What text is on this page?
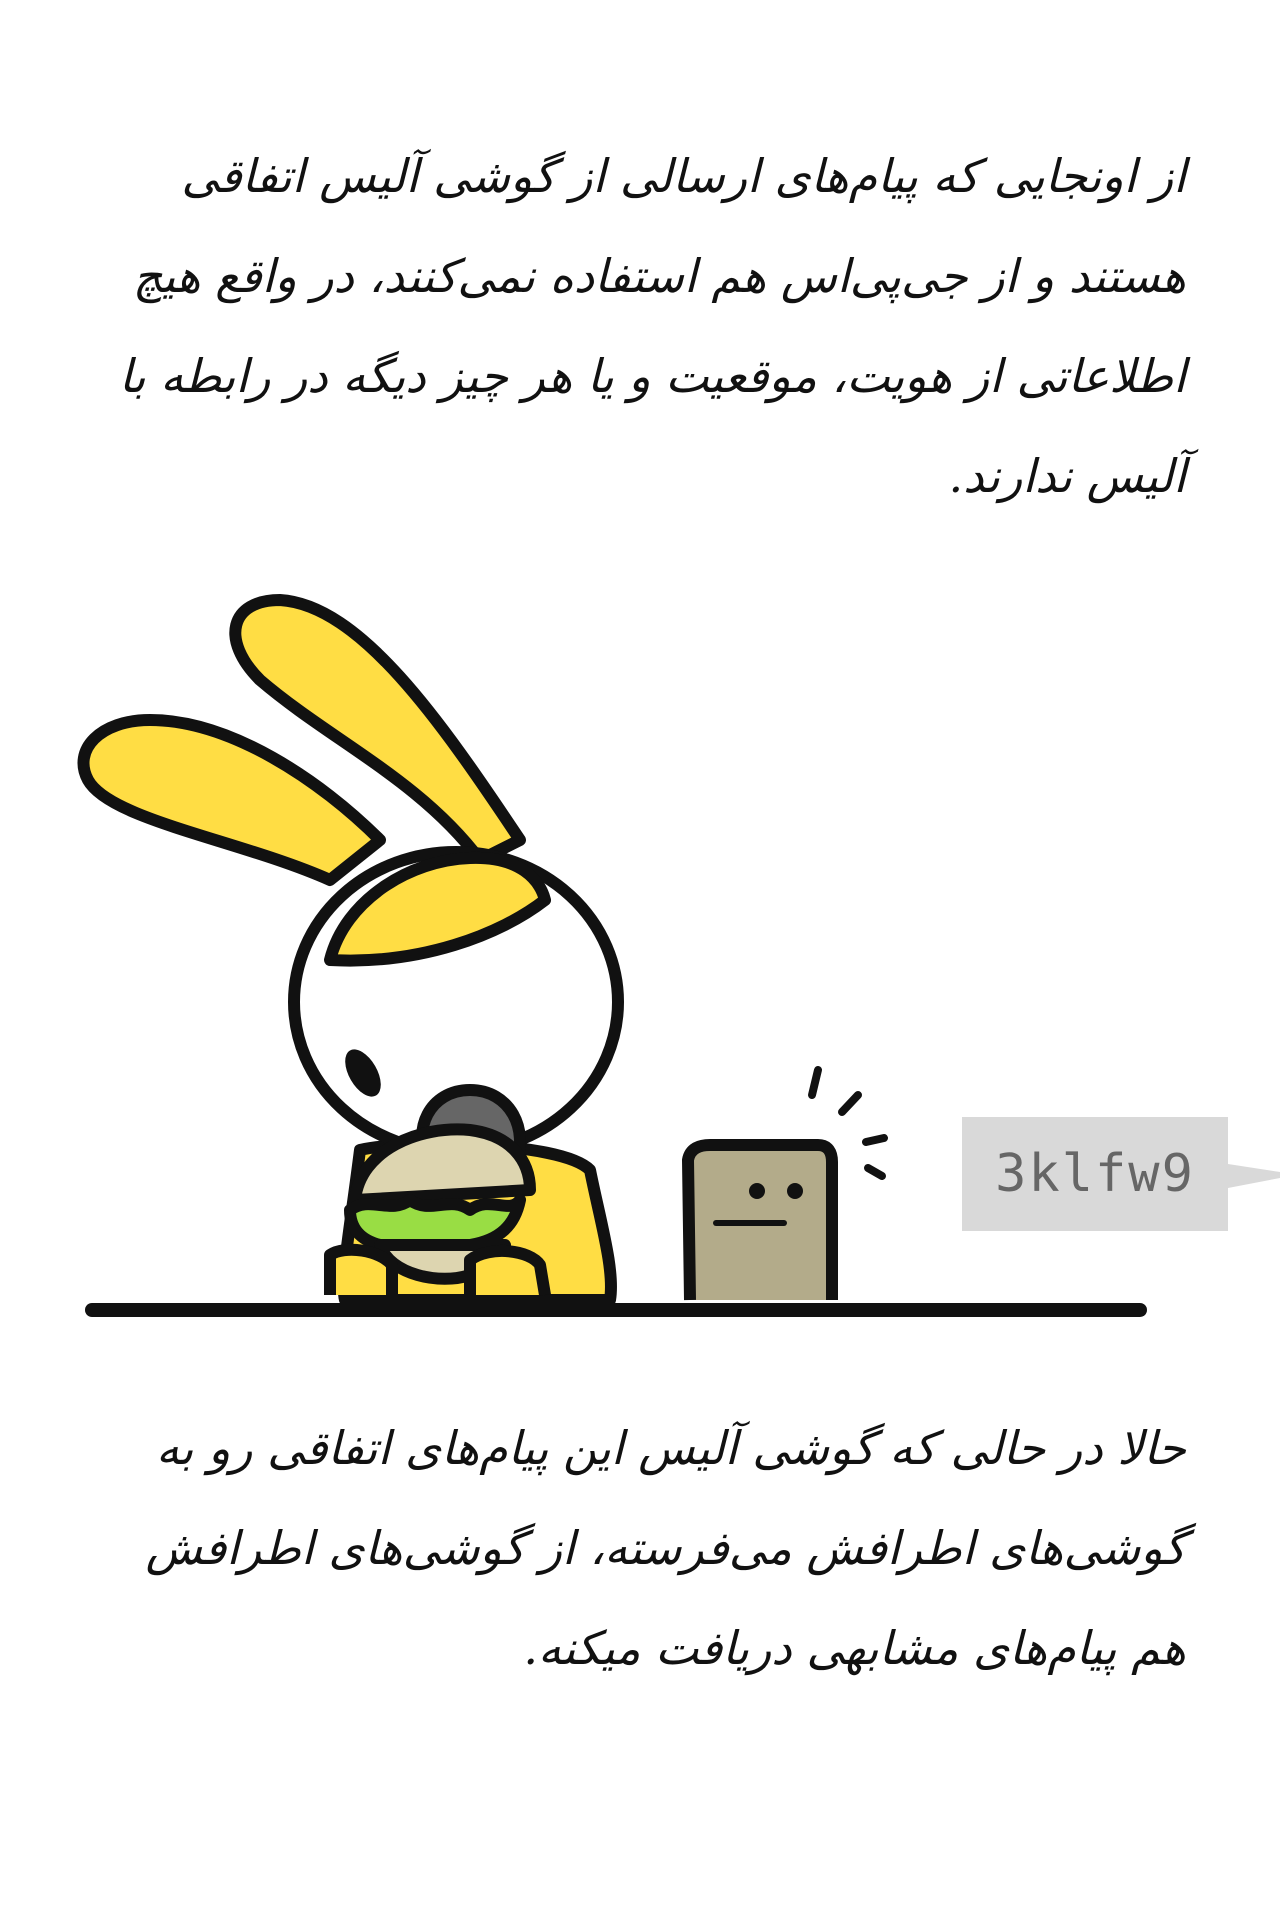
از اونجایی که پیام‌های ارسالی از گوشی آلیس اتفاقی هستند و از جی‌پی‌اس هم استفاده نمی‌کنند، در واقع هیچ اطلاعاتی از هویت، موقعیت و یا هر چیز دیگه در رابطه با آلیس ندارند.

3klfw9

حالا در حالی که گوشی آلیس این پیام‌های اتفاقی رو به گوشی‌های اطرافش می‌فرسته، از گوشی‌های اطرافش هم پیام‌های مشابهی دریافت میکنه.
